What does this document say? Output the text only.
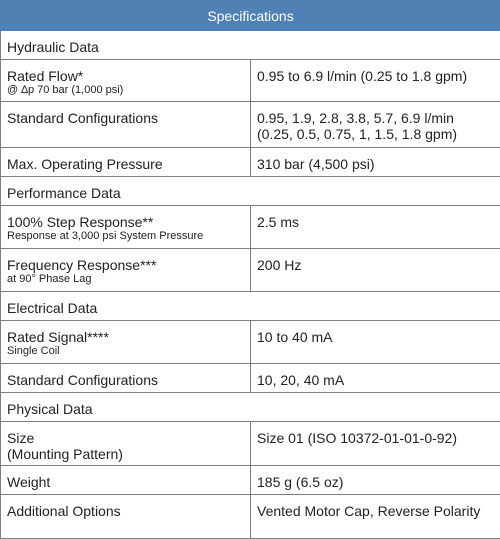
Specifications	
Hydraulic Data	

Rated Flow*
@ ∆p 70 bar (1,000 psi)	0.95 to 6.9 l/min (0.25 to 1.8 gpm)
Standard Configurations	0.95, 1.9, 2.8, 3.8, 5.7, 6.9 l/min
(0.25, 0.5, 0.75, 1, 1.5, 1.8 gpm)

Max. Operating Pressure	310 bar (4,500 psi)
Performance Data	

100% Step Response**
Response at 3,000 psi System Pressure	2.5 ms

Frequency Response***
at 90° Phase Lag	200 Hz
Electrical Data	

Rated Signal****
Single Coil	10 to 40 mA
Standard Configurations	10, 20, 40 mA
Physical Data	

Size
(Mounting Pattern)	Size 01 (ISO 10372-01-01-0-92)
Weight	185 g (6.5 oz)
Additional Options	Vented Motor Cap, Reverse Polarity
